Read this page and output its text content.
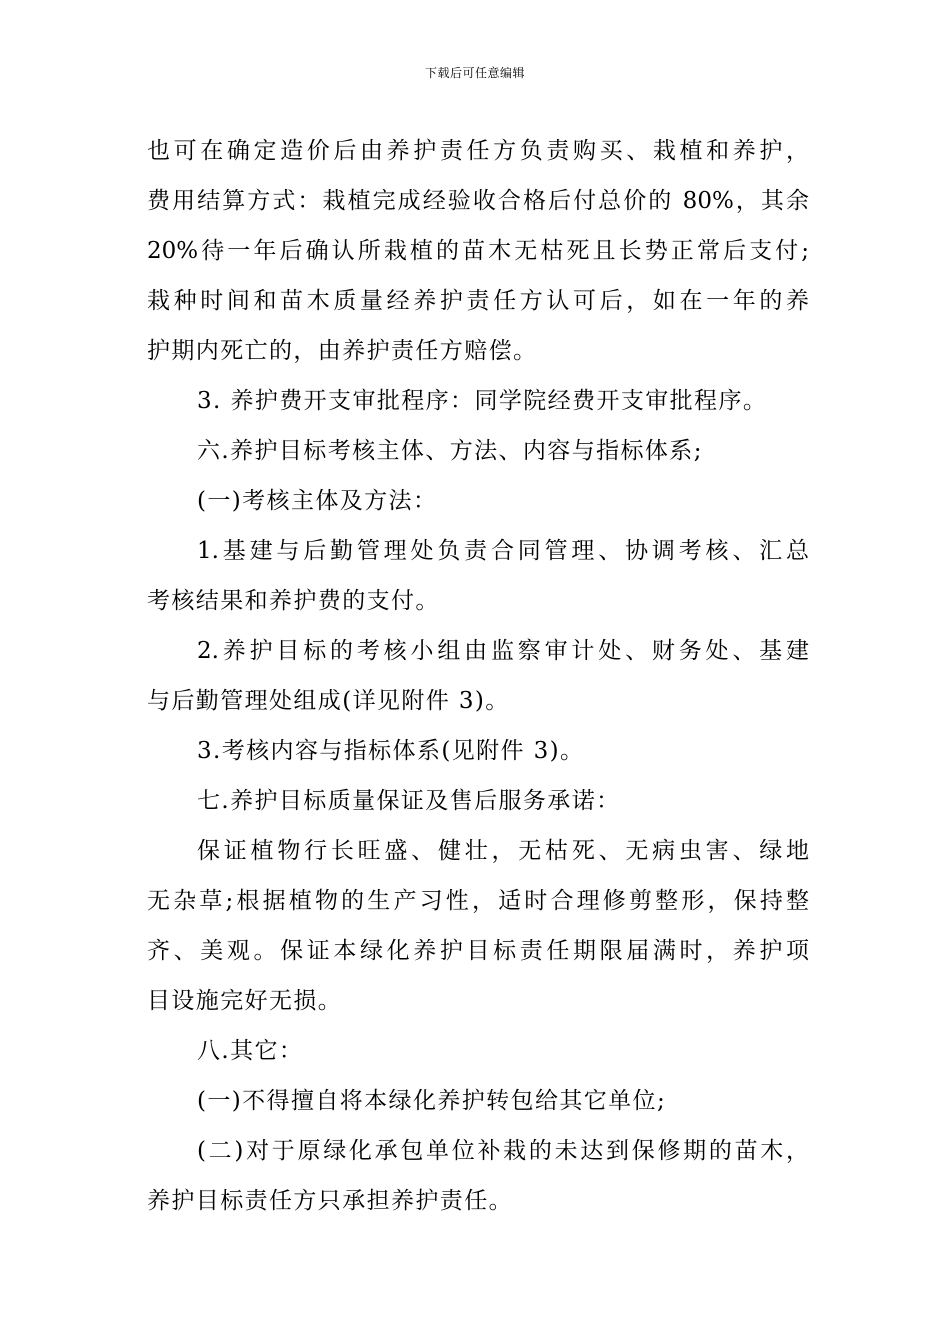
下载后可任意编辑
也可在确定造价后由养护责任方负责购买、栽植和养护，
费用结算方式：栽植完成经验收合格后付总价的 80%，其余
20%待一年后确认所栽植的苗木无枯死且长势正常后支付;
栽种时间和苗木质量经养护责任方认可后，如在一年的养
护期内死亡的，由养护责任方赔偿。
3. 养护费开支审批程序：同学院经费开支审批程序。
六.养护目标考核主体、方法、内容与指标体系;
(一)考核主体及方法：
1.基建与后勤管理处负责合同管理、协调考核、汇总
考核结果和养护费的支付。
2.养护目标的考核小组由监察审计处、财务处、基建
与后勤管理处组成(详见附件 3)。
3.考核内容与指标体系(见附件 3)。
七.养护目标质量保证及售后服务承诺：
保证植物行长旺盛、健壮，无枯死、无病虫害、绿地
无杂草;根据植物的生产习性，适时合理修剪整形，保持整
齐、美观。保证本绿化养护目标责任期限届满时，养护项
目设施完好无损。
八.其它：
(一)不得擅自将本绿化养护转包给其它单位;
(二)对于原绿化承包单位补栽的未达到保修期的苗木，
养护目标责任方只承担养护责任。
